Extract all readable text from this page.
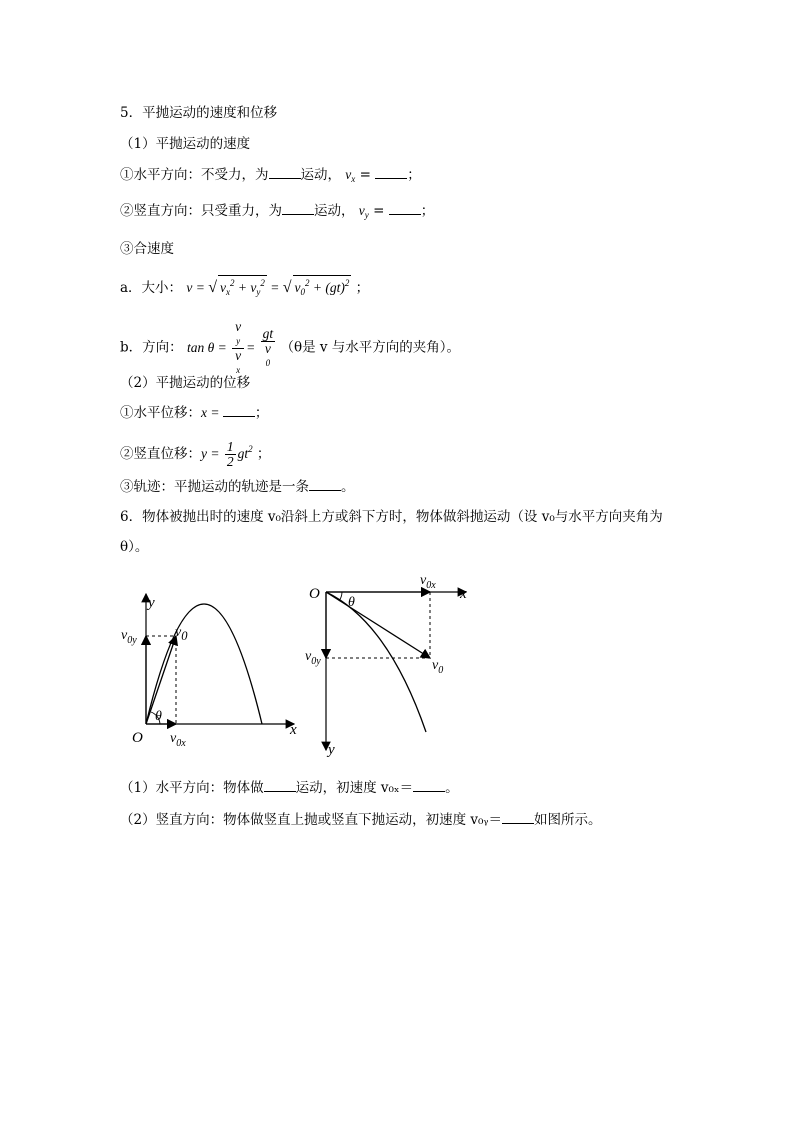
5．平抛运动的速度和位移
（1）平抛运动的速度
①水平方向：不受力，为 运动， $v_x$ = ；
②竖直方向：只受重力，为 运动， $v_y$ = ；
③合速度
a．大小： v = √ $v_x^2 + v_y^2$ = √ $v_0^2 + (gt)^2$ ；
b．方向： tan θ = v
y
v
x = gt
v
0 （θ是 v 与水平方向的夹角）。
（2）平抛运动的位移
①水平位移：x = ；
②竖直位移：$y = \frac{1}{2} gt^2$ ；
③轨迹：平抛运动的轨迹是一条 。
6．物体被抛出时的速度 v₀沿斜上方或斜下方时，物体做斜抛运动（设 v₀与水平方向夹角为θ）。
y
x
O
θ
v0
$v_{0y}$
$v_{0x}$
O	x
y
θ
$v_{0x}$
$v_{0y}$	$v_0$
（1）水平方向：物体做 运动，初速度 v₀ₓ＝ 。
（2）竖直方向：物体做竖直上抛或竖直下抛运动，初速度 v₀ᵧ＝ 如图所示。
